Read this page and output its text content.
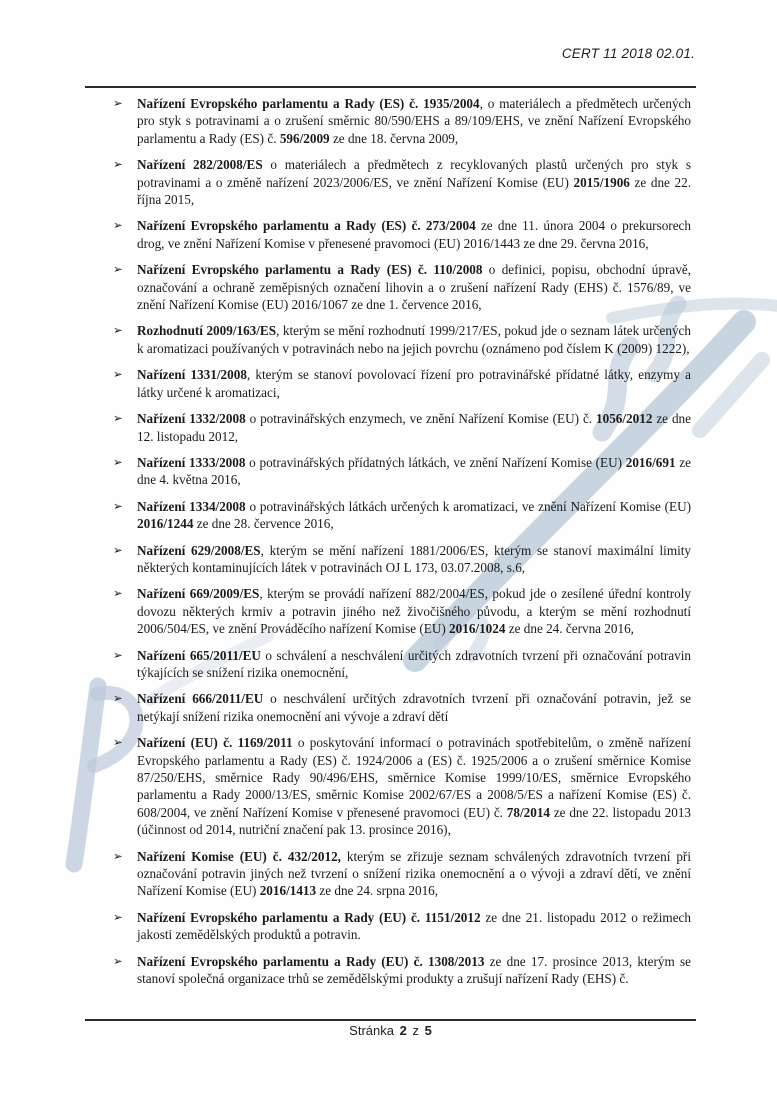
CERT 11 2018 02.01.
➢ Nařízení Evropského parlamentu a Rady (ES) č. 1935/2004, o materiálech a předmětech určených pro styk s potravinami a o zrušení směrnic 80/590/EHS a 89/109/EHS, ve znění Nařízení Evropského parlamentu a Rady (ES) č. 596/2009 ze dne 18. června 2009,
➢ Nařízení 282/2008/ES o materiálech a předmětech z recyklovaných plastů určených pro styk s potravinami a o změně nařízení 2023/2006/ES, ve znění Nařízení Komise (EU) 2015/1906 ze dne 22. října 2015,
➢ Nařízení Evropského parlamentu a Rady (ES) č. 273/2004 ze dne 11. února 2004 o prekursorech drog, ve znění Nařízení Komise v přenesené pravomoci (EU) 2016/1443 ze dne 29. června 2016,
➢ Nařízení Evropského parlamentu a Rady (ES) č. 110/2008 o definici, popisu, obchodní úpravě, označování a ochraně zeměpisných označení lihovin a o zrušení nařízení Rady (EHS) č. 1576/89, ve znění Nařízení Komise (EU) 2016/1067 ze dne 1. července 2016,
➢ Rozhodnutí 2009/163/ES, kterým se mění rozhodnutí 1999/217/ES, pokud jde o seznam látek určených k aromatizaci používaných v potravinách nebo na jejich povrchu (oznámeno pod číslem K (2009) 1222),
➢ Nařízení 1331/2008, kterým se stanoví povolovací řízení pro potravinářské přídatné látky, enzymy a látky určené k aromatizaci,
➢ Nařízení 1332/2008 o potravinářských enzymech, ve znění Nařízení Komise (EU) č. 1056/2012 ze dne 12. listopadu 2012,
➢ Nařízení 1333/2008 o potravinářských přídatných látkách, ve znění Nařízení Komise (EU) 2016/691 ze dne 4. května 2016,
➢ Nařízení 1334/2008 o potravinářských látkách určených k aromatizaci, ve znění Nařízení Komise (EU) 2016/1244 ze dne 28. července 2016,
➢ Nařízení 629/2008/ES, kterým se mění nařízení 1881/2006/ES, kterým se stanoví maximální limity některých kontaminujících látek v potravinách OJ L 173, 03.07.2008, s.6,
➢ Nařízení 669/2009/ES, kterým se provádí nařízení 882/2004/ES, pokud jde o zesílené úřední kontroly dovozu některých krmiv a potravin jiného než živočišného původu, a kterým se mění rozhodnutí 2006/504/ES, ve znění Prováděcího nařízení Komise (EU) 2016/1024 ze dne 24. června 2016,
➢ Nařízení 665/2011/EU o schválení a neschválení určitých zdravotních tvrzení při označování potravin týkajících se snížení rizika onemocnění,
➢ Nařízení 666/2011/EU o neschválení určitých zdravotních tvrzení při označování potravin, jež se netýkají snížení rizika onemocnění ani vývoje a zdraví dětí
➢ Nařízení (EU) č. 1169/2011 o poskytování informací o potravinách spotřebitelům, o změně nařízení Evropského parlamentu a Rady (ES) č. 1924/2006 a (ES) č. 1925/2006 a o zrušení směrnice Komise 87/250/EHS, směrnice Rady 90/496/EHS, směrnice Komise 1999/10/ES, směrnice Evropského parlamentu a Rady 2000/13/ES, směrnic Komise 2002/67/ES a 2008/5/ES a nařízení Komise (ES) č. 608/2004, ve znění Nařízení Komise v přenesené pravomoci (EU) č. 78/2014 ze dne 22. listopadu 2013 (účinnost od 2014, nutriční značení pak 13. prosince 2016),
➢ Nařízení Komise (EU) č. 432/2012, kterým se zřizuje seznam schválených zdravotních tvrzení při označování potravin jiných než tvrzení o snížení rizika onemocnění a o vývoji a zdraví dětí, ve znění Nařízení Komise (EU) 2016/1413 ze dne 24. srpna 2016,
➢ Nařízení Evropského parlamentu a Rady (EU) č. 1151/2012 ze dne 21. listopadu 2012 o režimech jakosti zemědělských produktů a potravin.
➢ Nařízení Evropského parlamentu a Rady (EU) č. 1308/2013 ze dne 17. prosince 2013, kterým se stanoví společná organizace trhů se zemědělskými produkty a zrušují nařízení Rady (EHS) č.
Stránka 2 z 5
